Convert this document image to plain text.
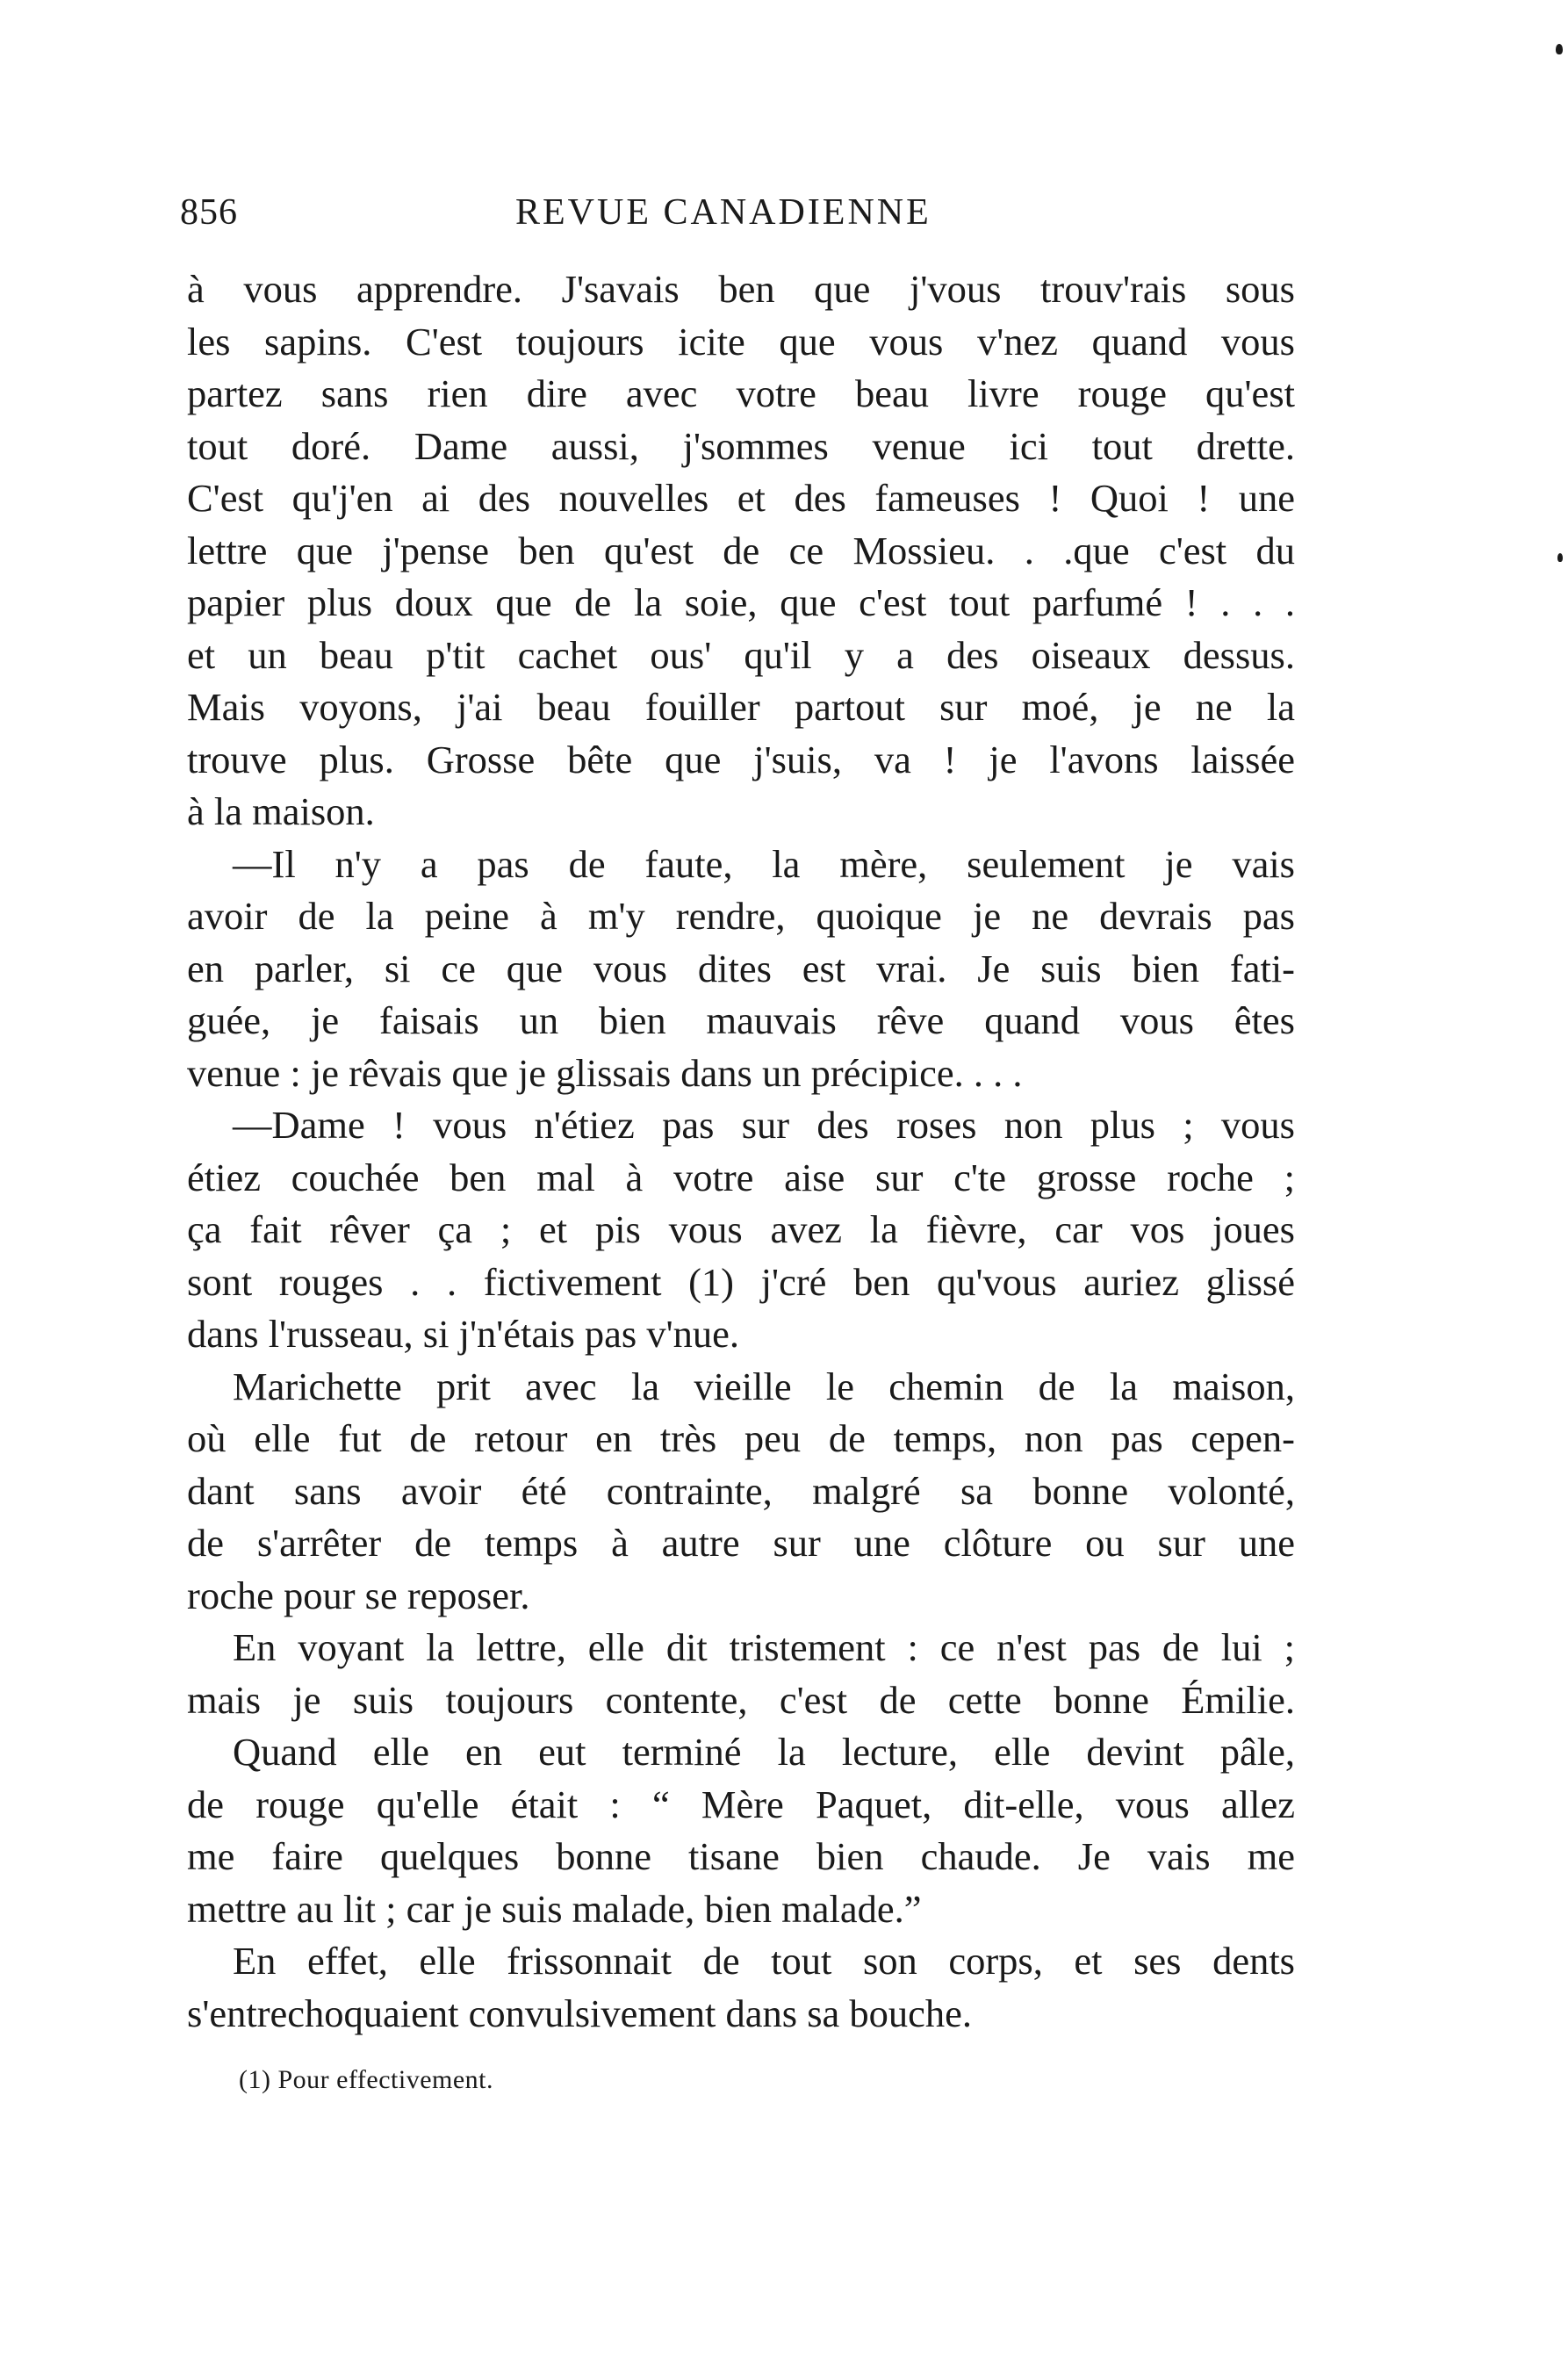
856	REVUE CANADIENNE
à vous apprendre. J'savais ben que j'vous trouv'rais sous
les sapins. C'est toujours icite que vous v'nez quand vous
partez sans rien dire avec votre beau livre rouge qu'est
tout doré. Dame aussi, j'sommes venue ici tout drette.
C'est qu'j'en ai des nouvelles et des fameuses ! Quoi ! une
lettre que j'pense ben qu'est de ce Mossieu. . .que c'est du
papier plus doux que de la soie, que c'est tout parfumé ! . . .
et un beau p'tit cachet ous' qu'il y a des oiseaux dessus.
Mais voyons, j'ai beau fouiller partout sur moé, je ne la
trouve plus. Grosse bête que j'suis, va ! je l'avons laissée
à la maison.
—Il n'y a pas de faute, la mère, seulement je vais
avoir de la peine à m'y rendre, quoique je ne devrais pas
en parler, si ce que vous dites est vrai. Je suis bien fati-
guée, je faisais un bien mauvais rêve quand vous êtes
venue : je rêvais que je glissais dans un précipice. . . .
—Dame ! vous n'étiez pas sur des roses non plus ; vous
étiez couchée ben mal à votre aise sur c'te grosse roche ;
ça fait rêver ça ; et pis vous avez la fièvre, car vos joues
sont rouges . . fictivement (1) j'cré ben qu'vous auriez glissé
dans l'russeau, si j'n'étais pas v'nue.
Marichette prit avec la vieille le chemin de la maison,
où elle fut de retour en très peu de temps, non pas cepen-
dant sans avoir été contrainte, malgré sa bonne volonté,
de s'arrêter de temps à autre sur une clôture ou sur une
roche pour se reposer.
En voyant la lettre, elle dit tristement : ce n'est pas de lui ;
mais je suis toujours contente, c'est de cette bonne Émilie.
Quand elle en eut terminé la lecture, elle devint pâle,
de rouge qu'elle était : “ Mère Paquet, dit-elle, vous allez
me faire quelques bonne tisane bien chaude. Je vais me
mettre au lit ; car je suis malade, bien malade.”
En effet, elle frissonnait de tout son corps, et ses dents
s'entrechoquaient convulsivement dans sa bouche.
(1) Pour effectivement.
